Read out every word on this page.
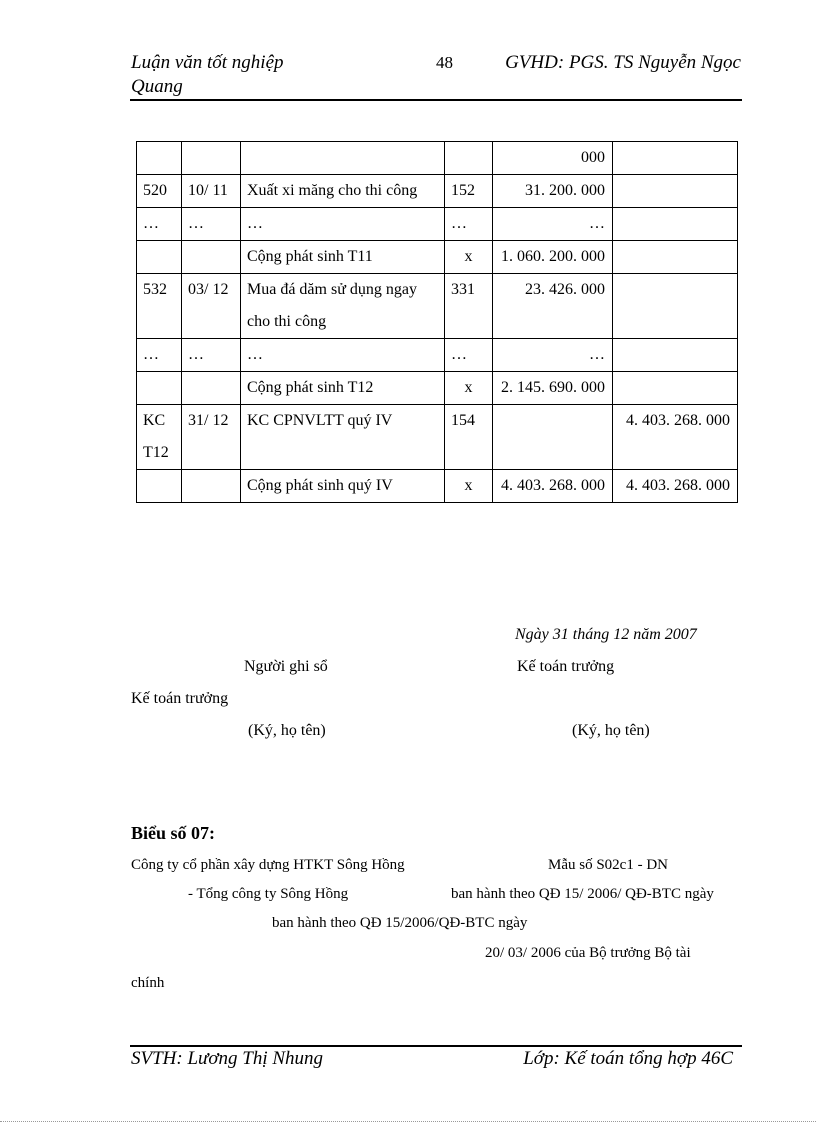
Luận văn tốt nghiệp
Quang
48	GVHD: PGS. TS Nguyễn Ngọc
				000	
520	10/ 11	Xuất xi măng cho thi công	152	31. 200. 000	
…	…	…	…	…	
		Cộng phát sinh T11	x	1. 060. 200. 000	
532	03/ 12	Mua đá dăm sử dụng ngay cho thi công	331	23. 426. 000	
…	…	…	…	…	
		Cộng phát sinh T12	x	2. 145. 690. 000	
KC T12	31/ 12	KC CPNVLTT quý IV	154		4. 403. 268. 000
		Cộng phát sinh quý IV	x	4. 403. 268. 000	4. 403. 268. 000
Ngày 31 tháng 12 năm 2007
Người ghi sổ	Kế toán trưởng
Kế toán trưởng
(Ký, họ tên)	(Ký, họ tên)
Biểu số 07:
Công ty cổ phần xây dựng HTKT Sông Hồng	Mẫu số S02c1 - DN
- Tổng công ty Sông Hồng	ban hành theo QĐ 15/ 2006/ QĐ-BTC ngày
ban hành theo QĐ 15/2006/QĐ-BTC ngày
20/ 03/ 2006 của Bộ trưởng Bộ tài
chính
SVTH: Lương Thị Nhung	Lớp: Kế toán tổng hợp 46C
